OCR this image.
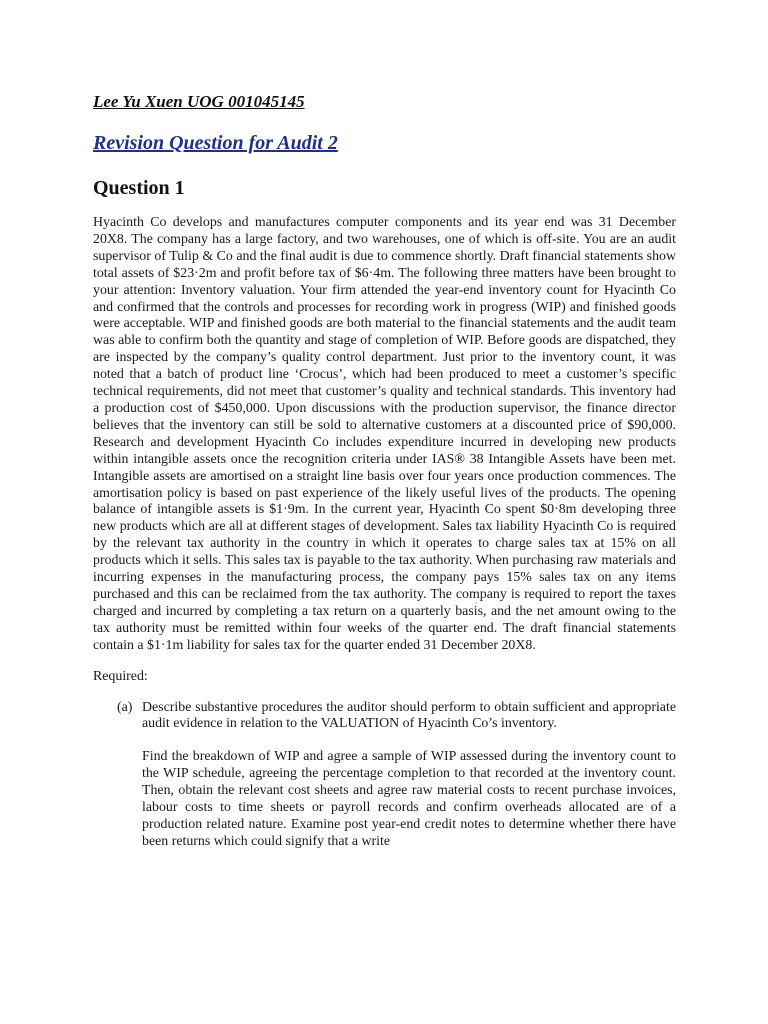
Lee Yu Xuen UOG 001045145

Revision Question for Audit 2

Question 1

Hyacinth Co develops and manufactures computer components and its year end was 31 December 20X8. The company has a large factory, and two warehouses, one of which is off-site. You are an audit supervisor of Tulip & Co and the final audit is due to commence shortly. Draft financial statements show total assets of $23·2m and profit before tax of $6·4m. The following three matters have been brought to your attention: Inventory valuation. Your firm attended the year-end inventory count for Hyacinth Co and confirmed that the controls and processes for recording work in progress (WIP) and finished goods were acceptable. WIP and finished goods are both material to the financial statements and the audit team was able to confirm both the quantity and stage of completion of WIP. Before goods are dispatched, they are inspected by the company’s quality control department. Just prior to the inventory count, it was noted that a batch of product line ‘Crocus’, which had been produced to meet a customer’s specific technical requirements, did not meet that customer’s quality and technical standards. This inventory had a production cost of $450,000. Upon discussions with the production supervisor, the finance director believes that the inventory can still be sold to alternative customers at a discounted price of $90,000. Research and development Hyacinth Co includes expenditure incurred in developing new products within intangible assets once the recognition criteria under IAS® 38 Intangible Assets have been met. Intangible assets are amortised on a straight line basis over four years once production commences. The amortisation policy is based on past experience of the likely useful lives of the products. The opening balance of intangible assets is $1·9m. In the current year, Hyacinth Co spent $0·8m developing three new products which are all at different stages of development. Sales tax liability Hyacinth Co is required by the relevant tax authority in the country in which it operates to charge sales tax at 15% on all products which it sells. This sales tax is payable to the tax authority. When purchasing raw materials and incurring expenses in the manufacturing process, the company pays 15% sales tax on any items purchased and this can be reclaimed from the tax authority. The company is required to report the taxes charged and incurred by completing a tax return on a quarterly basis, and the net amount owing to the tax authority must be remitted within four weeks of the quarter end. The draft financial statements contain a $1·1m liability for sales tax for the quarter ended 31 December 20X8.

Required:

(a) Describe substantive procedures the auditor should perform to obtain sufficient and appropriate audit evidence in relation to the VALUATION of Hyacinth Co’s inventory.

Find the breakdown of WIP and agree a sample of WIP assessed during the inventory count to the WIP schedule, agreeing the percentage completion to that recorded at the inventory count. Then, obtain the relevant cost sheets and agree raw material costs to recent purchase invoices, labour costs to time sheets or payroll records and confirm overheads allocated are of a production related nature. Examine post year-end credit notes to determine whether there have been returns which could signify that a write
